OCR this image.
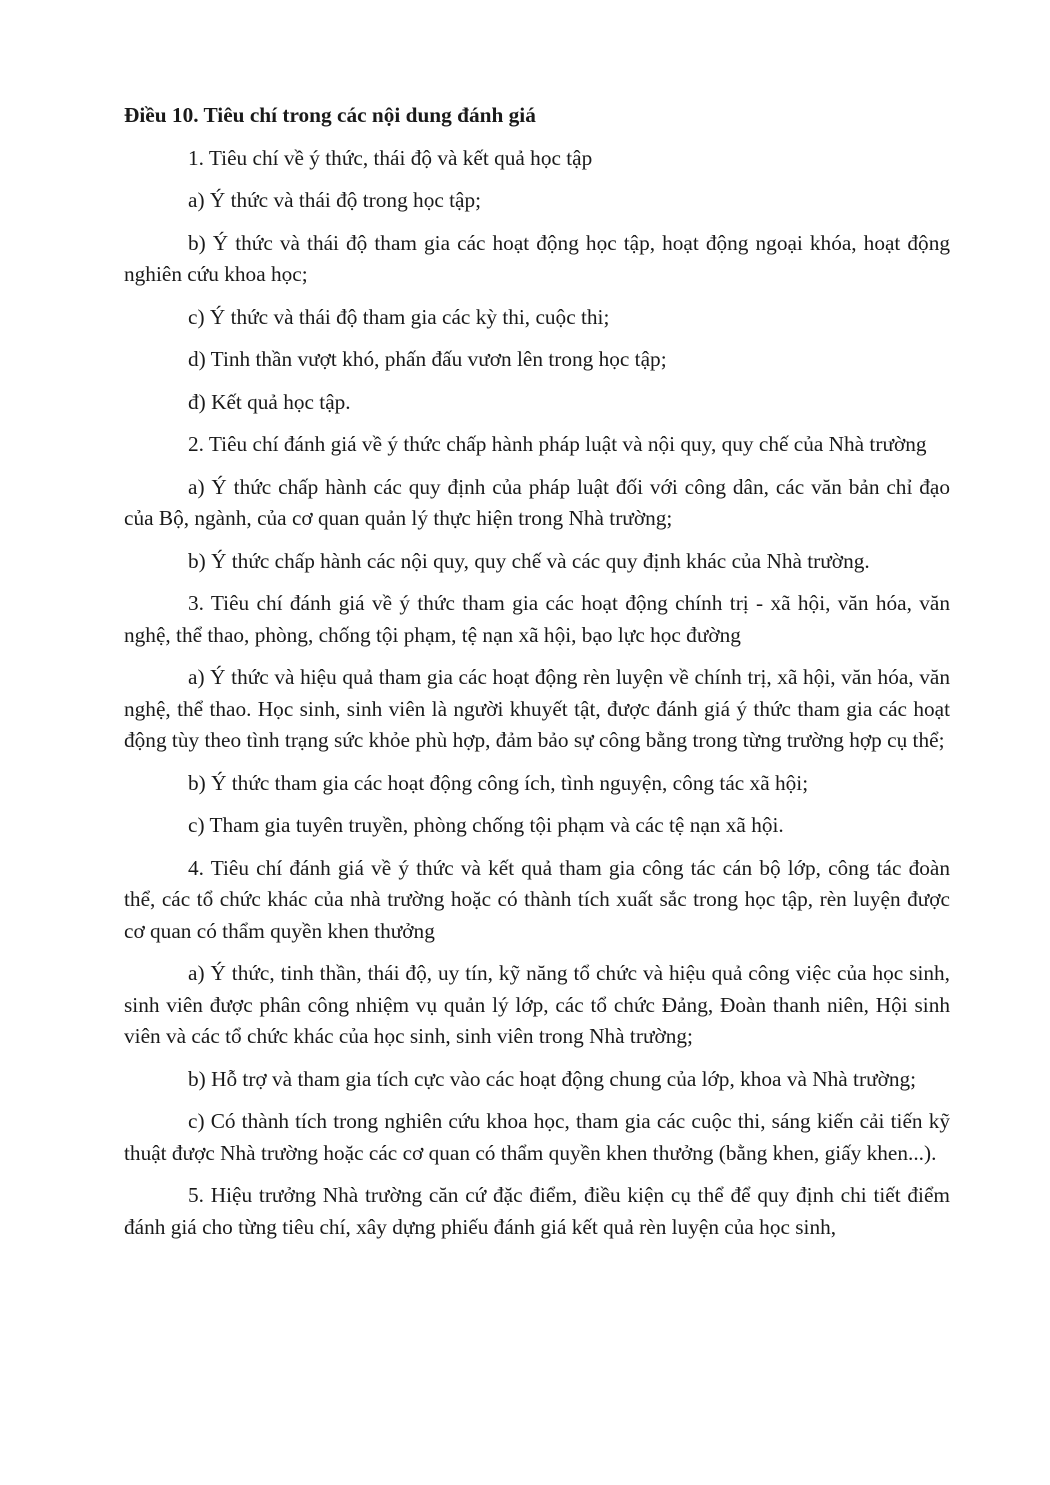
Điều 10. Tiêu chí trong các nội dung đánh giá

1. Tiêu chí về ý thức, thái độ và kết quả học tập

a) Ý thức và thái độ trong học tập;

b) Ý thức và thái độ tham gia các hoạt động học tập, hoạt động ngoại khóa, hoạt động nghiên cứu khoa học;

c) Ý thức và thái độ tham gia các kỳ thi, cuộc thi;

d) Tinh thần vượt khó, phấn đấu vươn lên trong học tập;

đ) Kết quả học tập.

2. Tiêu chí đánh giá về ý thức chấp hành pháp luật và nội quy, quy chế của Nhà trường

a) Ý thức chấp hành các quy định của pháp luật đối với công dân, các văn bản chỉ đạo của Bộ, ngành, của cơ quan quản lý thực hiện trong Nhà trường;

b) Ý thức chấp hành các nội quy, quy chế và các quy định khác của Nhà trường.

3. Tiêu chí đánh giá về ý thức tham gia các hoạt động chính trị - xã hội, văn hóa, văn nghệ, thể thao, phòng, chống tội phạm, tệ nạn xã hội, bạo lực học đường

a) Ý thức và hiệu quả tham gia các hoạt động rèn luyện về chính trị, xã hội, văn hóa, văn nghệ, thể thao. Học sinh, sinh viên là người khuyết tật, được đánh giá ý thức tham gia các hoạt động tùy theo tình trạng sức khỏe phù hợp, đảm bảo sự công bằng trong từng trường hợp cụ thể;

b) Ý thức tham gia các hoạt động công ích, tình nguyện, công tác xã hội;

c) Tham gia tuyên truyền, phòng chống tội phạm và các tệ nạn xã hội.

4. Tiêu chí đánh giá về ý thức và kết quả tham gia công tác cán bộ lớp, công tác đoàn thể, các tổ chức khác của nhà trường hoặc có thành tích xuất sắc trong học tập, rèn luyện được cơ quan có thẩm quyền khen thưởng

a) Ý thức, tinh thần, thái độ, uy tín, kỹ năng tổ chức và hiệu quả công việc của học sinh, sinh viên được phân công nhiệm vụ quản lý lớp, các tổ chức Đảng, Đoàn thanh niên, Hội sinh viên và các tổ chức khác của học sinh, sinh viên trong Nhà trường;

b) Hỗ trợ và tham gia tích cực vào các hoạt động chung của lớp, khoa và Nhà trường;

c) Có thành tích trong nghiên cứu khoa học, tham gia các cuộc thi, sáng kiến cải tiến kỹ thuật được Nhà trường hoặc các cơ quan có thẩm quyền khen thưởng (bằng khen, giấy khen...).

5. Hiệu trưởng Nhà trường căn cứ đặc điểm, điều kiện cụ thể để quy định chi tiết điểm đánh giá cho từng tiêu chí, xây dựng phiếu đánh giá kết quả rèn luyện của học sinh,
